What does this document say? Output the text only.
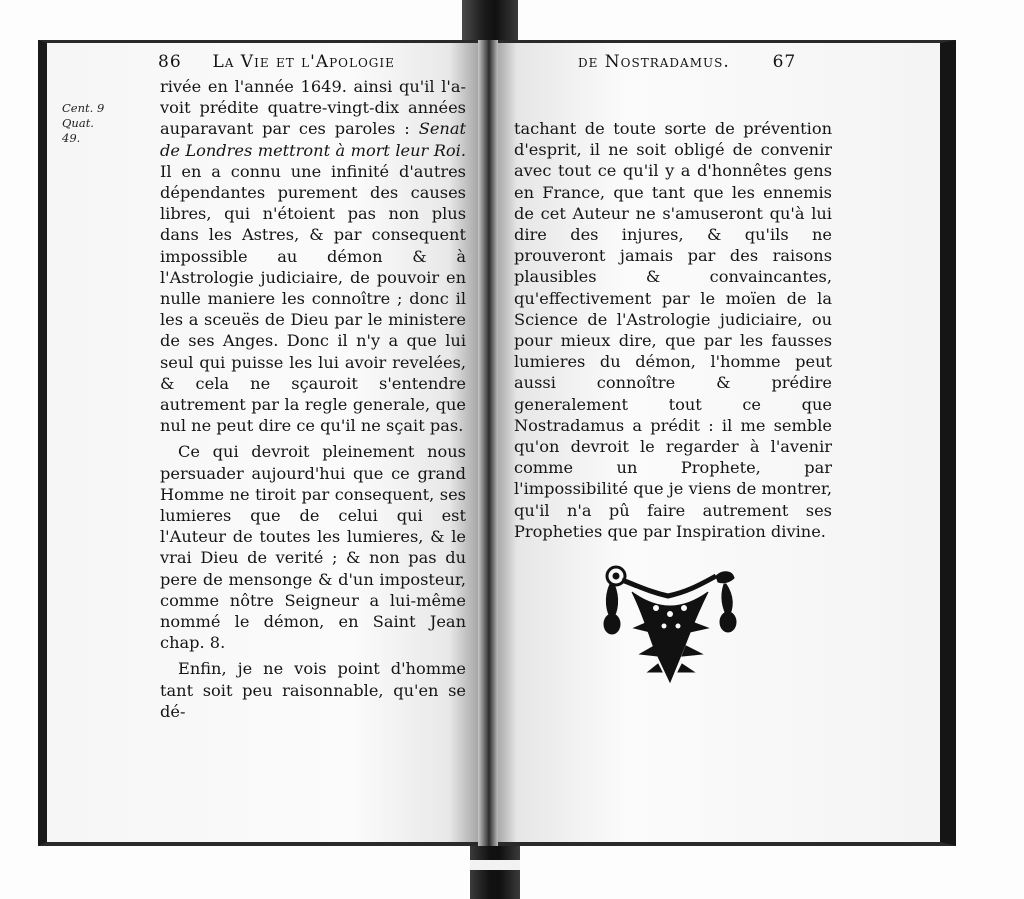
86 La Vie et l'Apologie
Cent. 9
Quat.
49.

rivée en l'année 1649. ainsi qu'il l'a- voit prédite quatre-vingt-dix années auparavant par ces paroles : Senat de Londres mettront à mort leur Roi. Il en a connu une infinité d'autres dépendantes purement des causes libres, qui n'étoient pas non plus dans les Astres, & par consequent impossible au démon & à l'Astrologie judiciaire, de pouvoir en nulle maniere les connoître ; donc il les a sceuës de Dieu par le ministere de ses Anges. Donc il n'y a que lui seul qui puisse les lui avoir revelées, & cela ne sçauroit s'entendre autrement par la regle generale, que nul ne peut dire ce qu'il ne sçait pas.

Ce qui devroit pleinement nous persuader aujourd'hui que ce grand Homme ne tiroit par consequent, ses lumieres que de celui qui est l'Auteur de toutes les lumieres, & le vrai Dieu de verité ; & non pas du pere de mensonge & d'un imposteur, comme nôtre Seigneur a lui-même nommé le démon, en Saint Jean chap. 8.

Enfin, je ne vois point d'homme tant soit peu raisonnable, qu'en se dé-

de Nostradamus.	67

tachant de toute sorte de prévention d'esprit, il ne soit obligé de convenir avec tout ce qu'il y a d'honnêtes gens en France, que tant que les ennemis de cet Auteur ne s'amuseront qu'à lui dire des injures, & qu'ils ne prouveront jamais par des raisons plausibles & convaincantes, qu'effectivement par le moïen de la Science de l'Astrologie judiciaire, ou pour mieux dire, que par les fausses lumieres du démon, l'homme peut aussi connoître & prédire generalement tout ce que Nostradamus a prédit : il me semble qu'on devroit le regarder à l'avenir comme un Prophete, par l'impossibilité que je viens de montrer, qu'il n'a pû faire autrement ses Propheties que par Inspiration divine.
